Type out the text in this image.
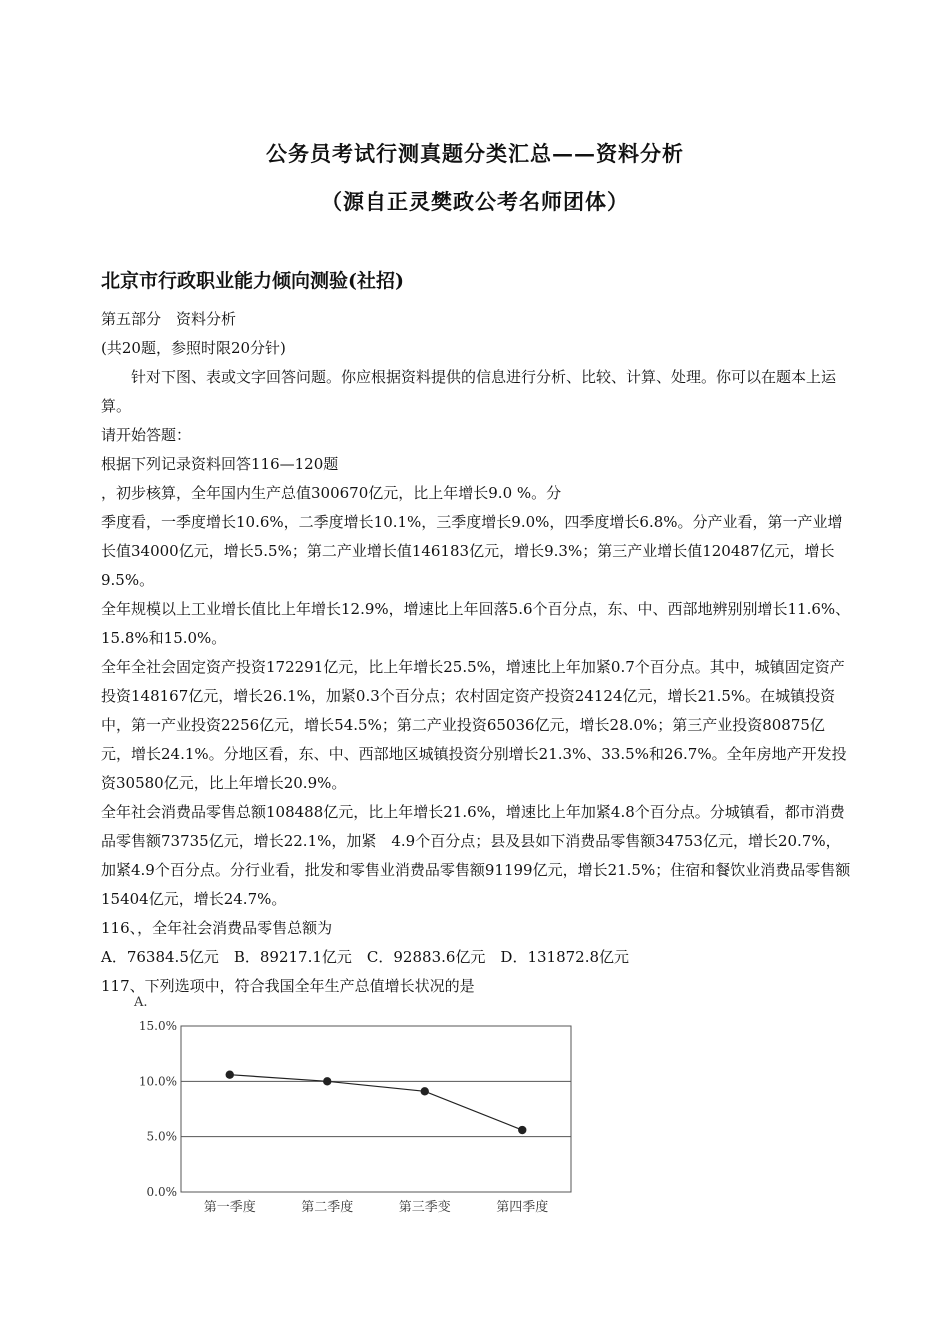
公务员考试行测真题分类汇总——资料分析
（源自正灵樊政公考名师团体）
北京市行政职业能力倾向测验(社招)

第五部分　资料分析

(共20题，参照时限20分针)

针对下图、表或文字回答问题。你应根据资料提供的信息进行分析、比较、计算、处理。你可以在题本上运算。

请开始答题：

根据下列记录资料回答116—120题

，初步核算，全年国内生产总值300670亿元，比上年增长9.0 %。分

季度看，一季度增长10.6%，二季度增长10.1%，三季度增长9.0%，四季度增长6.8%。分产业看，第一产业增长值34000亿元，增长5.5%；第二产业增长值146183亿元，增长9.3%；第三产业增长值120487亿元，增长9.5%。

全年规模以上工业增长值比上年增长12.9%，增速比上年回落5.6个百分点，东、中、西部地辨别别增长11.6%、15.8%和15.0%。

全年全社会固定资产投资172291亿元，比上年增长25.5%，增速比上年加紧0.7个百分点。其中，城镇固定资产投资148167亿元，增长26.1%，加紧0.3个百分点；农村固定资产投资24124亿元，增长21.5%。在城镇投资中，第一产业投资2256亿元，增长54.5%；第二产业投资65036亿元，增长28.0%；第三产业投资80875亿元，增长24.1%。分地区看，东、中、西部地区城镇投资分别增长21.3%、33.5%和26.7%。全年房地产开发投资30580亿元，比上年增长20.9%。

全年社会消费品零售总额108488亿元，比上年增长21.6%，增速比上年加紧4.8个百分点。分城镇看，都市消费品零售额73735亿元，增长22.1%，加紧　4.9个百分点；县及县如下消费品零售额34753亿元，增长20.7%，加紧4.9个百分点。分行业看，批发和零售业消费品零售额91199亿元，增长21.5%；住宿和餐饮业消费品零售额15404亿元，增长24.7%。

116、，全年社会消费品零售总额为

A．76384.5亿元　B．89217.1亿元　C．92883.6亿元　D．131872.8亿元

117、下列选项中，符合我国全年生产总值增长状况的是

A.
0.0%
5.0%
10.0%
15.0%
第一季度	第二季度	第三季变	第四季度
